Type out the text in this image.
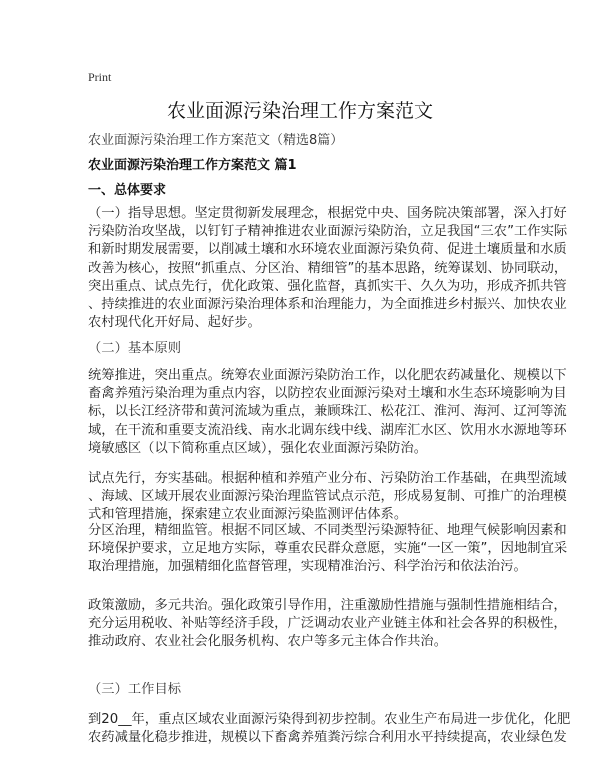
Print
农业面源污染治理工作方案范文
农业面源污染治理工作方案范文（精选8篇）
农业面源污染治理工作方案范文 篇1
一、总体要求
（一）指导思想。坚定贯彻新发展理念，根据党中央、国务院决策部署，深入打好
污染防治攻坚战，以钉钉子精神推进农业面源污染防治，立足我国“三农”工作实际
和新时期发展需要，以削减土壤和水环境农业面源污染负荷、促进土壤质量和水质
改善为核心，按照“抓重点、分区治、精细管”的基本思路，统筹谋划、协同联动，
突出重点、试点先行，优化政策、强化监督，真抓实干、久久为功，形成齐抓共管
、持续推进的农业面源污染治理体系和治理能力，为全面推进乡村振兴、加快农业
农村现代化开好局、起好步。
（二）基本原则
统筹推进，突出重点。统筹农业面源污染防治工作，以化肥农药减量化、规模以下
畜禽养殖污染治理为重点内容，以防控农业面源污染对土壤和水生态环境影响为目
标，以长江经济带和黄河流域为重点，兼顾珠江、松花江、淮河、海河、辽河等流
域，在干流和重要支流沿线、南水北调东线中线、湖库汇水区、饮用水水源地等环
境敏感区（以下简称重点区域），强化农业面源污染防治。
试点先行，夯实基础。根据种植和养殖产业分布、污染防治工作基础，在典型流域
、海域、区域开展农业面源污染治理监管试点示范，形成易复制、可推广的治理模
式和管理措施，探索建立农业面源污染监测评估体系。
分区治理，精细监管。根据不同区域、不同类型污染源特征、地理气候影响因素和
环境保护要求，立足地方实际，尊重农民群众意愿，实施“一区一策”，因地制宜采
取治理措施，加强精细化监督管理，实现精准治污、科学治污和依法治污。
政策激励，多元共治。强化政策引导作用，注重激励性措施与强制性措施相结合，
充分运用税收、补贴等经济手段，广泛调动农业产业链主体和社会各界的积极性，
推动政府、农业社会化服务机构、农户等多元主体合作共治。
（三）工作目标
到20__年，重点区域农业面源污染得到初步控制。农业生产布局进一步优化，化肥
农药减量化稳步推进，规模以下畜禽养殖粪污综合利用水平持续提高，农业绿色发
